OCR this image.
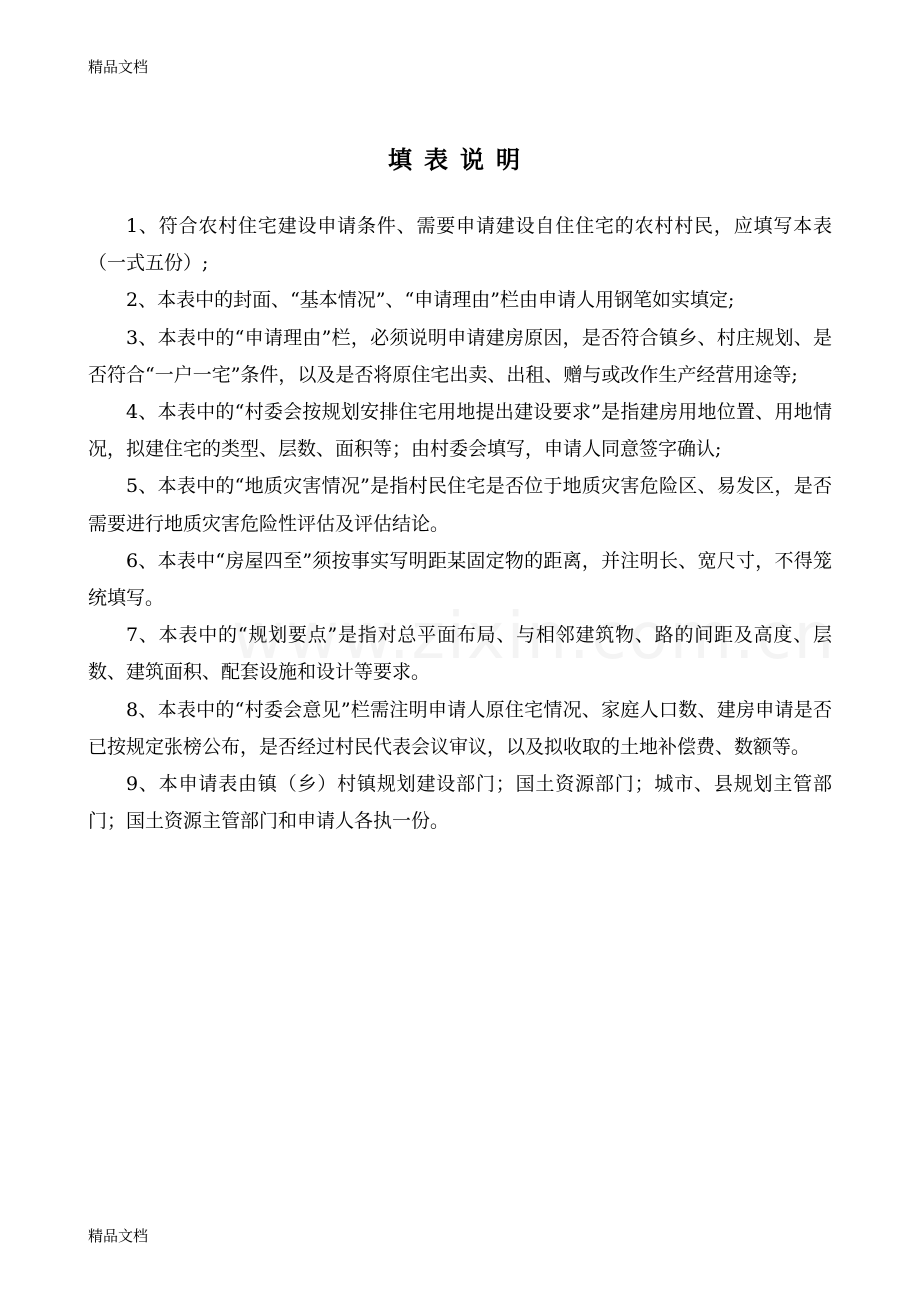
精品文档
填表说明

1、符合农村住宅建设申请条件、需要申请建设自住住宅的农村村民，应填写本表（一式五份）;

2、本表中的封面、“基本情况”、“申请理由”栏由申请人用钢笔如实填定;

3、本表中的“申请理由”栏，必须说明申请建房原因，是否符合镇乡、村庄规划、是否符合“一户一宅”条件，以及是否将原住宅出卖、出租、赠与或改作生产经营用途等;

4、本表中的“村委会按规划安排住宅用地提出建设要求”是指建房用地位置、用地情况，拟建住宅的类型、层数、面积等；由村委会填写，申请人同意签字确认;

5、本表中的“地质灾害情况”是指村民住宅是否位于地质灾害危险区、易发区，是否需要进行地质灾害危险性评估及评估结论。

6、本表中“房屋四至”须按事实写明距某固定物的距离，并注明长、宽尺寸，不得笼统填写。

7、本表中的“规划要点”是指对总平面布局、与相邻建筑物、路的间距及高度、层数、建筑面积、配套设施和设计等要求。

8、本表中的“村委会意见”栏需注明申请人原住宅情况、家庭人口数、建房申请是否已按规定张榜公布，是否经过村民代表会议审议，以及拟收取的土地补偿费、数额等。

9、本申请表由镇（乡）村镇规划建设部门；国土资源部门；城市、县规划主管部门；国土资源主管部门和申请人各执一份。

精品文档
